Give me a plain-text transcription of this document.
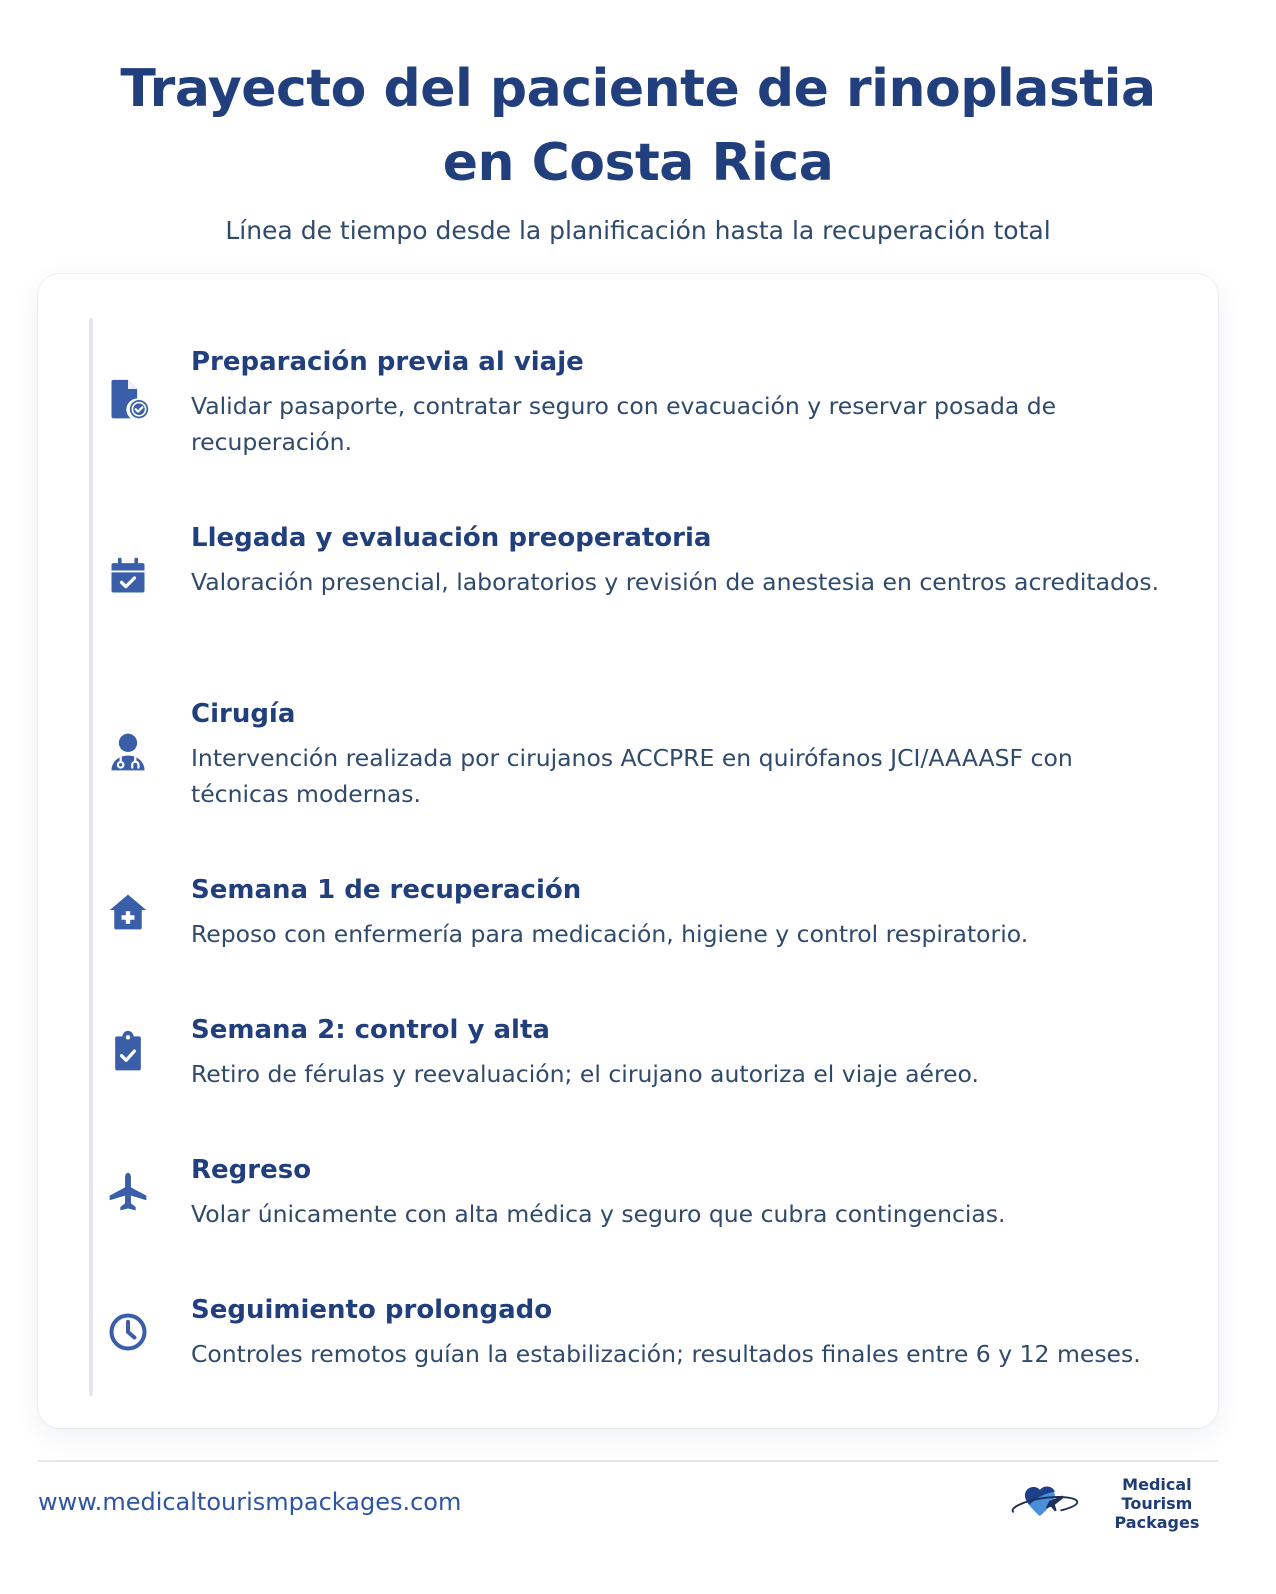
Trayecto del paciente de rinoplastia en Costa Rica

Línea de tiempo desde la planificación hasta la recuperación total

Preparación previa al viaje
Validar pasaporte, contratar seguro con evacuación y reservar posada de recuperación.
Llegada y evaluación preoperatoria
Valoración presencial, laboratorios y revisión de anestesia en centros acreditados.
Cirugía
Intervención realizada por cirujanos ACCPRE en quirófanos JCI/AAAASF con técnicas modernas.
Semana 1 de recuperación
Reposo con enfermería para medicación, higiene y control respiratorio.
Semana 2: control y alta
Retiro de férulas y reevaluación; el cirujano autoriza el viaje aéreo.
Regreso
Volar únicamente con alta médica y seguro que cubra contingencias.
Seguimiento prolongado
Controles remotos guían la estabilización; resultados finales entre 6 y 12 meses.
www.medicaltourismpackages.com
Medical Tourism
Packages
